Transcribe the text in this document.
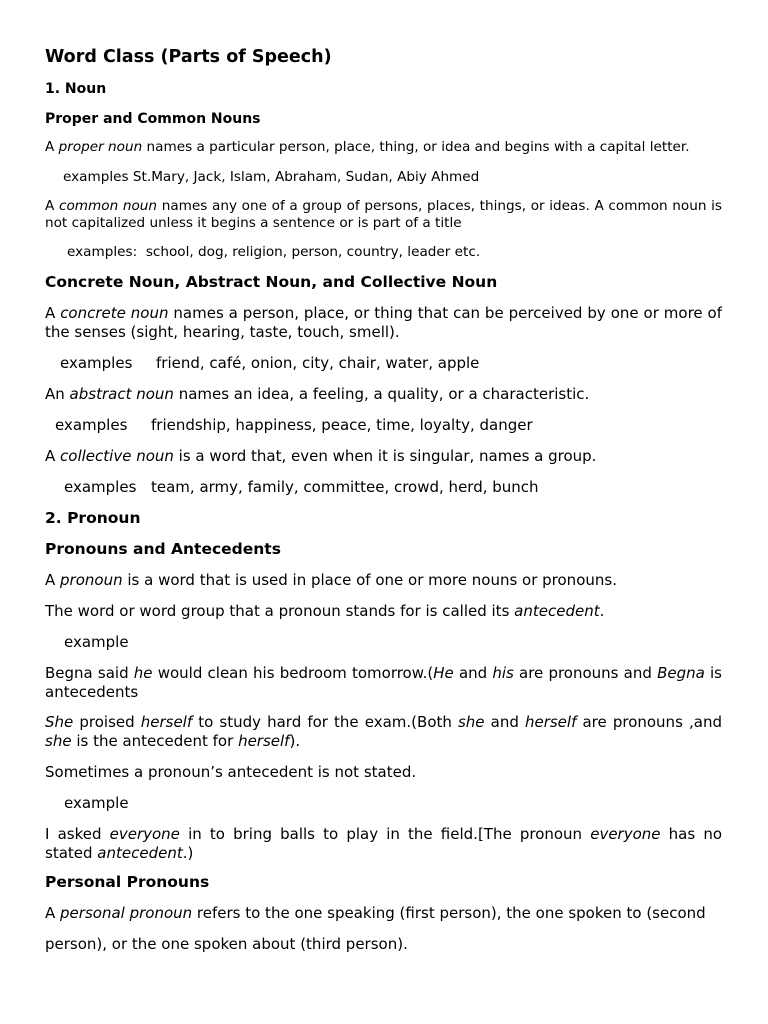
Word Class (Parts of Speech)

1. Noun

Proper and Common Nouns

A proper noun names a particular person, place, thing, or idea and begins with a capital letter.

examples St.Mary, Jack, Islam, Abraham, Sudan, Abiy Ahmed

A common noun names any one of a group of persons, places, things, or ideas. A common noun is not capitalized unless it begins a sentence or is part of a title

examples:  school, dog, religion, person, country, leader etc.

Concrete Noun, Abstract Noun, and Collective Noun

A concrete noun names a person, place, or thing that can be perceived by one or more of the senses (sight, hearing, taste, touch, smell).

examples friend, café, onion, city, chair, water, apple

An abstract noun names an idea, a feeling, a quality, or a characteristic.

examples friendship, happiness, peace, time, loyalty, danger

A collective noun is a word that, even when it is singular, names a group.

examples team, army, family, committee, crowd, herd, bunch

2. Pronoun

Pronouns and Antecedents

A pronoun is a word that is used in place of one or more nouns or pronouns.

The word or word group that a pronoun stands for is called its antecedent.

example

Begna said he would clean his bedroom tomorrow.(He and his are pronouns and Begna is antecedents

She proised herself to study hard for the exam.(Both she and herself are pronouns ,and she is the antecedent for herself).

Sometimes a pronoun’s antecedent is not stated.

example

I asked everyone in to bring balls to play in the field.[The pronoun everyone has no stated antecedent.)

Personal Pronouns

A personal pronoun refers to the one speaking (first person), the one spoken to (second

person), or the one spoken about (third person).
